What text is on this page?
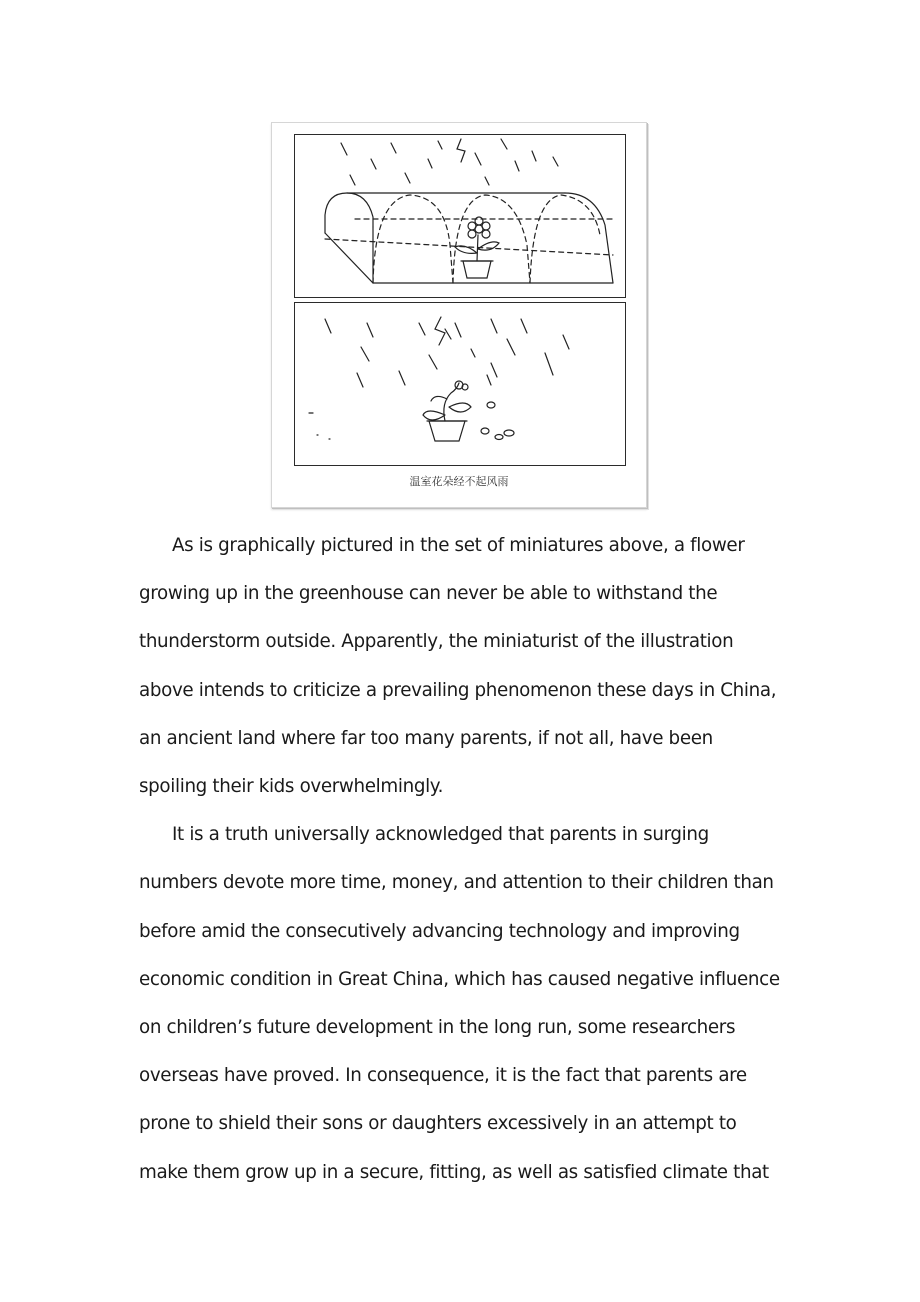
温室花朵经不起风雨

As is graphically pictured in the set of miniatures above, a flower
growing up in the greenhouse can never be able to withstand the
thunderstorm outside. Apparently, the miniaturist of the illustration
above intends to criticize a prevailing phenomenon these days in China,
an ancient land where far too many parents, if not all, have been
spoiling their kids overwhelmingly.

It is a truth universally acknowledged that parents in surging
numbers devote more time, money, and attention to their children than
before amid the consecutively advancing technology and improving
economic condition in Great China, which has caused negative influence
on children’s future development in the long run, some researchers
overseas have proved. In consequence, it is the fact that parents are
prone to shield their sons or daughters excessively in an attempt to
make them grow up in a secure, fitting, as well as satisfied climate that
